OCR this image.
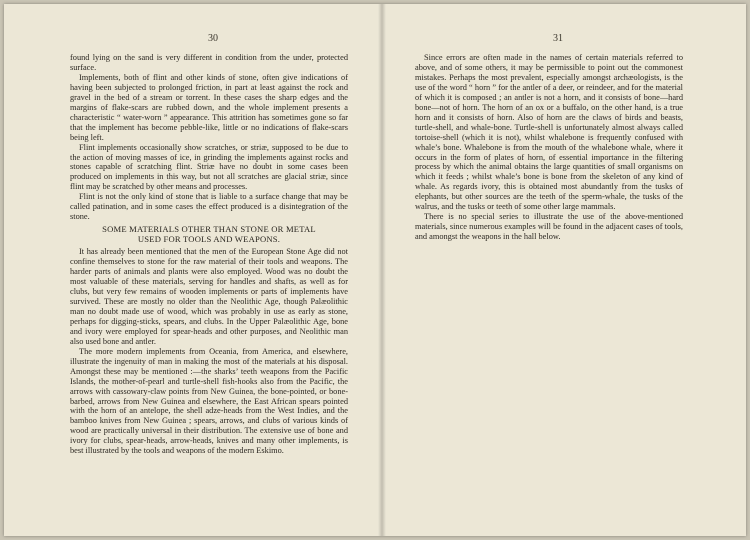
30

found lying on the sand is very different in condition from the under, protected surface.

Implements, both of flint and other kinds of stone, often give indications of having been subjected to prolonged friction, in part at least against the rock and gravel in the bed of a stream or torrent. In these cases the sharp edges and the margins of flake-scars are rubbed down, and the whole implement presents a characteristic “ water-worn ” appearance. This attrition has sometimes gone so far that the implement has become pebble-like, little or no indications of flake-scars being left.

Flint implements occasionally show scratches, or striæ, supposed to be due to the action of moving masses of ice, in grinding the implements against rocks and stones capable of scratching flint. Striæ have no doubt in some cases been produced on implements in this way, but not all scratches are glacial striæ, since flint may be scratched by other means and processes.

Flint is not the only kind of stone that is liable to a surface change that may be called patination, and in some cases the effect produced is a disintegration of the stone.

SOME MATERIALS OTHER THAN STONE OR METAL
USED FOR TOOLS AND WEAPONS.

It has already been mentioned that the men of the European Stone Age did not confine themselves to stone for the raw material of their tools and weapons. The harder parts of animals and plants were also employed. Wood was no doubt the most valuable of these materials, serving for handles and shafts, as well as for clubs, but very few remains of wooden implements or parts of implements have survived. These are mostly no older than the Neolithic Age, though Palæolithic man no doubt made use of wood, which was probably in use as early as stone, perhaps for digging-sticks, spears, and clubs. In the Upper Palæolithic Age, bone and ivory were employed for spear-heads and other purposes, and Neolithic man also used bone and antler.

The more modern implements from Oceania, from America, and elsewhere, illustrate the ingenuity of man in making the most of the materials at his disposal. Amongst these may be mentioned :—the sharks’ teeth weapons from the Pacific Islands, the mother-of-pearl and turtle-shell fish-hooks also from the Pacific, the arrows with cassowary-claw points from New Guinea, the bone-pointed, or bone-barbed, arrows from New Guinea and elsewhere, the East African spears pointed with the horn of an antelope, the shell adze-heads from the West Indies, and the bamboo knives from New Guinea ; spears, arrows, and clubs of various kinds of wood are practically universal in their distribution. The extensive use of bone and ivory for clubs, spear-heads, arrow-heads, knives and many other implements, is best illustrated by the tools and weapons of the modern Eskimo.

31

Since errors are often made in the names of certain materials referred to above, and of some others, it may be permissible to point out the commonest mistakes. Perhaps the most prevalent, especially amongst archæologists, is the use of the word “ horn ” for the antler of a deer, or reindeer, and for the material of which it is composed ; an antler is not a horn, and it consists of bone—hard bone—not of horn. The horn of an ox or a buffalo, on the other hand, is a true horn and it consists of horn. Also of horn are the claws of birds and beasts, turtle-shell, and whale-bone. Turtle-shell is unfortunately almost always called tortoise-shell (which it is not), whilst whalebone is frequently confused with whale’s bone. Whalebone is from the mouth of the whalebone whale, where it occurs in the form of plates of horn, of essential importance in the filtering process by which the animal obtains the large quantities of small organisms on which it feeds ; whilst whale’s bone is bone from the skeleton of any kind of whale. As regards ivory, this is obtained most abundantly from the tusks of elephants, but other sources are the teeth of the sperm-whale, the tusks of the walrus, and the tusks or teeth of some other large mammals.

There is no special series to illustrate the use of the above-mentioned materials, since numerous examples will be found in the adjacent cases of tools, and amongst the weapons in the hall below.
